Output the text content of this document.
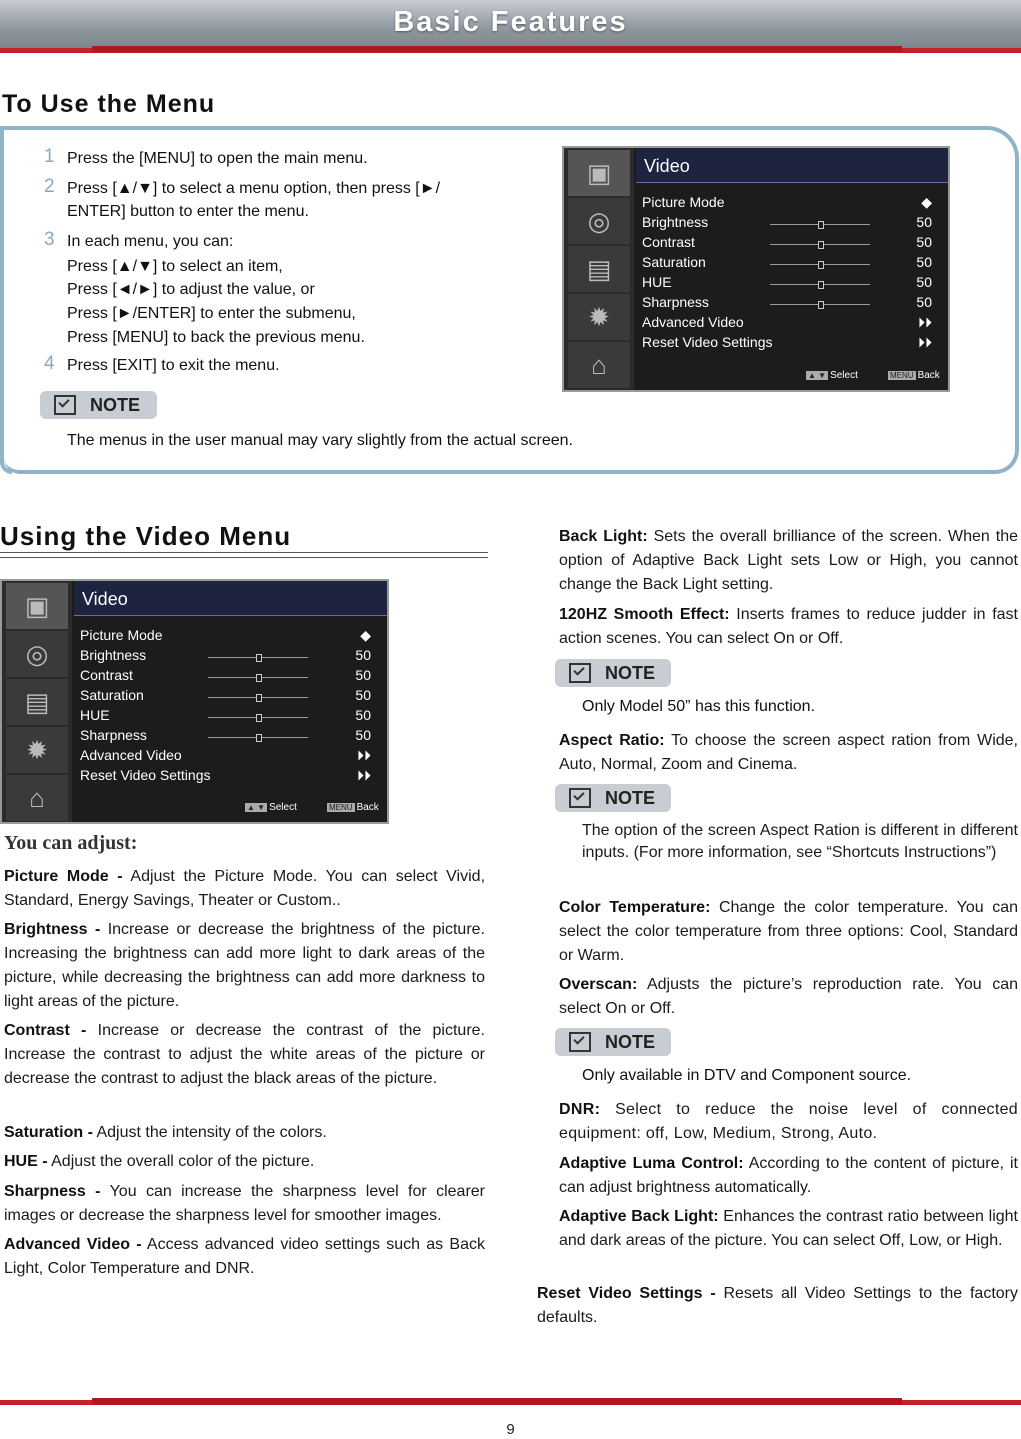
Basic Features
To Use the Menu
1 Press the [MENU] to open the main menu.
2 Press [▲/▼] to select a menu option, then press [►/
ENTER] button to enter the menu.
3 In each menu, you can:
Press [▲/▼] to select an item,
Press [◄/►] to adjust the value, or
Press [►/ENTER] to enter the submenu,
Press [MENU] to back the previous menu.
4 Press [EXIT] to exit the menu.
NOTE
The menus in the user manual may vary slightly from the actual screen.
▣
◎
▤
✹
⌂
Video
Picture Mode	◆
Brightness	50
Contrast	50
Saturation	50
HUE	50
Sharpness	50
Advanced Video	⏵⏵
Reset Video Settings	⏵⏵
▲ ▼ Select	MENU Back
▣
◎
▤
✹
⌂
Video
Picture Mode	◆
Brightness	50
Contrast	50
Saturation	50
HUE	50
Sharpness	50
Advanced Video	⏵⏵
Reset Video Settings	⏵⏵
▲ ▼ Select	MENU Back
Using the Video Menu
You can adjust:
Picture Mode - Adjust the Picture Mode. You can select Vivid, Standard, Energy Savings, Theater or Custom..
Brightness - Increase or decrease the brightness of the picture. Increasing the brightness can add more light to dark areas of the picture, while decreasing the brightness can add more darkness to light areas of the picture.
Contrast - Increase or decrease the contrast of the picture. Increase the contrast to adjust the white areas of the picture or decrease the contrast to adjust the black areas of the picture.
Saturation - Adjust the intensity of the colors.
HUE - Adjust the overall color of the picture.
Sharpness - You can increase the sharpness level for clearer images or decrease the sharpness level for smoother images.
Advanced Video - Access advanced video settings such as Back Light, Color Temperature and DNR.
Back Light: Sets the overall brilliance of the screen. When the option of Adaptive Back Light sets Low or High, you cannot change the Back Light setting.
120HZ Smooth Effect: Inserts frames to reduce judder in fast action scenes. You can select On or Off.
NOTE
Only Model 50” has this function.
Aspect Ratio: To choose the screen aspect ration from Wide, Auto, Normal, Zoom and Cinema.
NOTE
The option of the screen Aspect Ration is different in different inputs. (For more information, see “Shortcuts Instructions”)
Color Temperature: Change the color temperature. You can select the color temperature from three options: Cool, Standard or Warm.
Overscan: Adjusts the picture’s reproduction rate. You can select On or Off.
NOTE
Only available in DTV and Component source.
DNR: Select to reduce the noise level of connected equipment: off, Low, Medium, Strong, Auto.
Adaptive Luma Control: According to the content of picture, it can adjust brightness automatically.
Adaptive Back Light: Enhances the contrast ratio between light and dark areas of the picture. You can select Off, Low, or High.
Reset Video Settings - Resets all Video Settings to the factory defaults.
9
